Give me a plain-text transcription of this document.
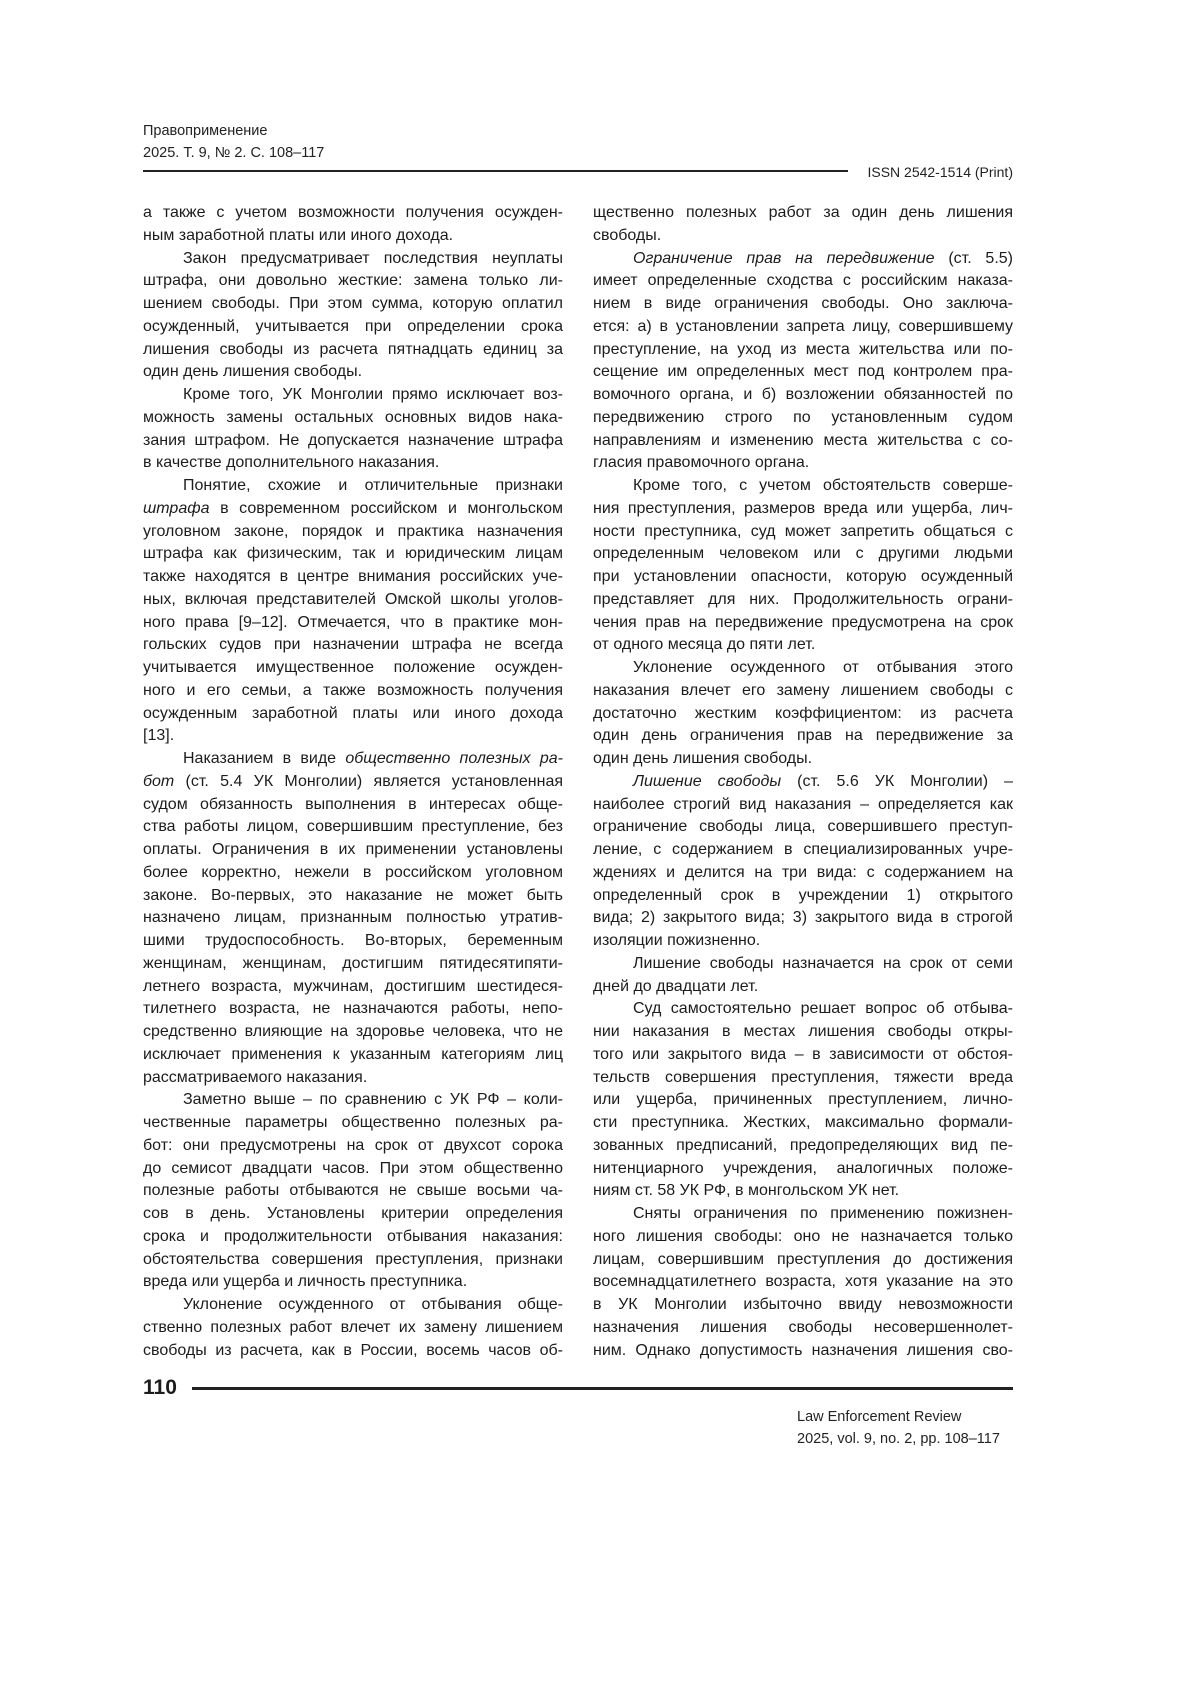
Правоприменение
2025. Т. 9, № 2. С. 108–117
ISSN 2542-1514 (Print)
а также с учетом возможности получения осужден-
ным заработной платы или иного дохода.
Закон предусматривает последствия неуплаты
штрафа, они довольно жесткие: замена только ли-
шением свободы. При этом сумма, которую оплатил
осужденный, учитывается при определении срока
лишения свободы из расчета пятнадцать единиц за
один день лишения свободы.
Кроме того, УК Монголии прямо исключает воз-
можность замены остальных основных видов нака-
зания штрафом. Не допускается назначение штрафа
в качестве дополнительного наказания.
Понятие, схожие и отличительные признаки
штрафа в современном российском и монгольском
уголовном законе, порядок и практика назначения
штрафа как физическим, так и юридическим лицам
также находятся в центре внимания российских уче-
ных, включая представителей Омской школы уголов-
ного права [9–12]. Отмечается, что в практике мон-
гольских судов при назначении штрафа не всегда
учитывается имущественное положение осужден-
ного и его семьи, а также возможность получения
осужденным заработной платы или иного дохода
[13].
Наказанием в виде общественно полезных ра-
бот (ст. 5.4 УК Монголии) является установленная
судом обязанность выполнения в интересах обще-
ства работы лицом, совершившим преступление, без
оплаты. Ограничения в их применении установлены
более корректно, нежели в российском уголовном
законе. Во-первых, это наказание не может быть
назначено лицам, признанным полностью утратив-
шими трудоспособность. Во-вторых, беременным
женщинам, женщинам, достигшим пятидесятипяти-
летнего возраста, мужчинам, достигшим шестидеся-
тилетнего возраста, не назначаются работы, непо-
средственно влияющие на здоровье человека, что не
исключает применения к указанным категориям лиц
рассматриваемого наказания.
Заметно выше – по сравнению с УК РФ – коли-
чественные параметры общественно полезных ра-
бот: они предусмотрены на срок от двухсот сорока
до семисот двадцати часов. При этом общественно
полезные работы отбываются не свыше восьми ча-
сов в день. Установлены критерии определения
срока и продолжительности отбывания наказания:
обстоятельства совершения преступления, признаки
вреда или ущерба и личность преступника.
Уклонение осужденного от отбывания обще-
ственно полезных работ влечет их замену лишением
свободы из расчета, как в России, восемь часов об-
щественно полезных работ за один день лишения
свободы.
Ограничение прав на передвижение (ст. 5.5)
имеет определенные сходства с российским наказа-
нием в виде ограничения свободы. Оно заключа-
ется: а) в установлении запрета лицу, совершившему
преступление, на уход из места жительства или по-
сещение им определенных мест под контролем пра-
вомочного органа, и б) возложении обязанностей по
передвижению строго по установленным судом
направлениям и изменению места жительства с со-
гласия правомочного органа.
Кроме того, с учетом обстоятельств соверше-
ния преступления, размеров вреда или ущерба, лич-
ности преступника, суд может запретить общаться с
определенным человеком или с другими людьми
при установлении опасности, которую осужденный
представляет для них. Продолжительность ограни-
чения прав на передвижение предусмотрена на срок
от одного месяца до пяти лет.
Уклонение осужденного от отбывания этого
наказания влечет его замену лишением свободы с
достаточно жестким коэффициентом: из расчета
один день ограничения прав на передвижение за
один день лишения свободы.
Лишение свободы (ст. 5.6 УК Монголии) –
наиболее строгий вид наказания – определяется как
ограничение свободы лица, совершившего преступ-
ление, с содержанием в специализированных учре-
ждениях и делится на три вида: с содержанием на
определенный срок в учреждении 1) открытого
вида; 2) закрытого вида; 3) закрытого вида в строгой
изоляции пожизненно.
Лишение свободы назначается на срок от семи
дней до двадцати лет.
Суд самостоятельно решает вопрос об отбыва-
нии наказания в местах лишения свободы откры-
того или закрытого вида – в зависимости от обстоя-
тельств совершения преступления, тяжести вреда
или ущерба, причиненных преступлением, лично-
сти преступника. Жестких, максимально формали-
зованных предписаний, предопределяющих вид пе-
нитенциарного учреждения, аналогичных положе-
ниям ст. 58 УК РФ, в монгольском УК нет.
Сняты ограничения по применению пожизнен-
ного лишения свободы: оно не назначается только
лицам, совершившим преступления до достижения
восемнадцатилетнего возраста, хотя указание на это
в УК Монголии избыточно ввиду невозможности
назначения лишения свободы несовершеннолет-
ним. Однако допустимость назначения лишения сво-
110
Law Enforcement Review
2025, vol. 9, no. 2, pp. 108–117
